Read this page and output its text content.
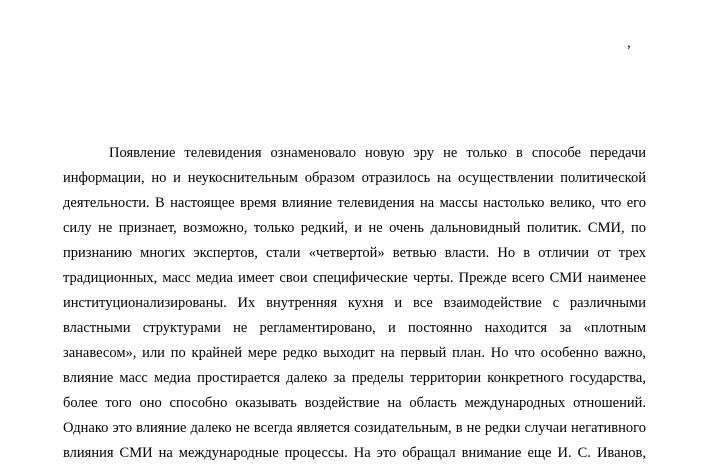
,
Появление телевидения ознаменовало новую эру не только в способе передачи
информации, но и неукоснительным образом отразилось на осуществлении политической
деятельности. В настоящее время влияние телевидения на массы настолько велико, что его
силу не признает, возможно, только редкий, и не очень дальновидный политик. СМИ, по
признанию многих экспертов, стали «четвертой» ветвью власти. Но в отличии от трех
традиционных, масс медиа имеет свои специфические черты. Прежде всего СМИ наименее
институционализированы. Их внутренняя кухня и все взаимодействие с различными
властными структурами не регламентировано, и постоянно находится за «плотным
занавесом», или по крайней мере редко выходит на первый план. Но что особенно важно,
влияние масс медиа простирается далеко за пределы территории конкретного государства,
более того оно способно оказывать воздействие на область международных отношений.
Однако это влияние далеко не всегда является созидательным, в не редки случаи негативного
влияния СМИ на международные процессы. На это обращал внимание еще И. С. Иванов,
